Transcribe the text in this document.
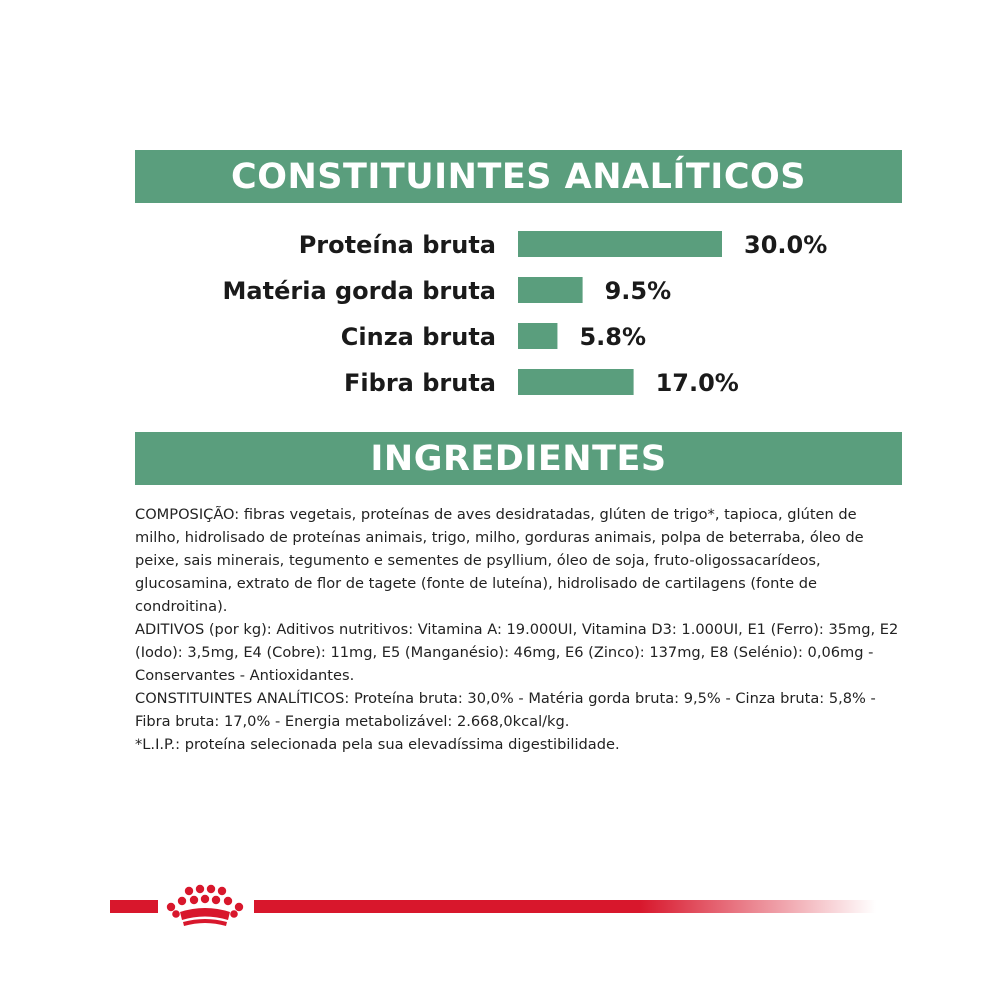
CONSTITUINTES ANALÍTICOS
Proteína bruta	30.0%
Matéria gorda bruta	9.5%
Cinza bruta	5.8%
Fibra bruta	17.0%
INGREDIENTES

COMPOSIÇÃO: fibras vegetais, proteínas de aves desidratadas, glúten de trigo*, tapioca, glúten de milho, hidrolisado de proteínas animais, trigo, milho, gorduras animais, polpa de beterraba, óleo de peixe, sais minerais, tegumento e sementes de psyllium, óleo de soja, fruto-oligossacarídeos, glucosamina, extrato de flor de tagete (fonte de luteína), hidrolisado de cartilagens (fonte de condroitina).

ADITIVOS (por kg): Aditivos nutritivos: Vitamina A: 19.000UI, Vitamina D3: 1.000UI, E1 (Ferro): 35mg, E2 (Iodo): 3,5mg, E4 (Cobre): 11mg, E5 (Manganésio): 46mg, E6 (Zinco): 137mg, E8 (Selénio): 0,06mg - Conservantes - Antioxidantes.

CONSTITUINTES ANALÍTICOS: Proteína bruta: 30,0% - Matéria gorda bruta: 9,5% - Cinza bruta: 5,8% - Fibra bruta: 17,0% - Energia metabolizável: 2.668,0kcal/kg.

*L.I.P.: proteína selecionada pela sua elevadíssima digestibilidade.
